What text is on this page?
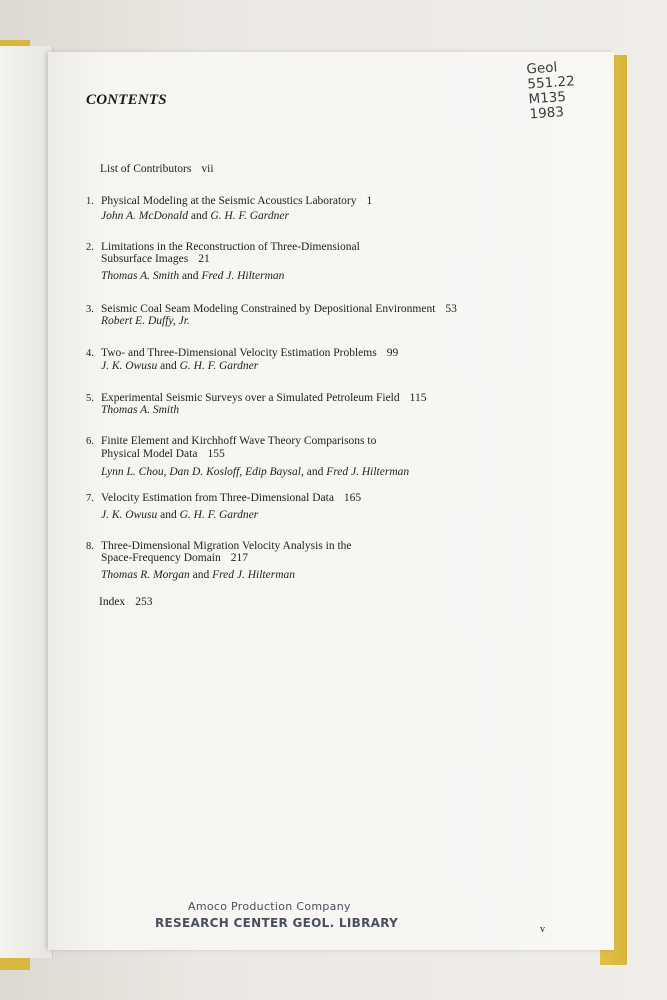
CONTENTS
Geol
551.22
M135
1983
List of Contributors vii
1. Physical Modeling at the Seismic Acoustics Laboratory 1
John A. McDonald and G. H. F. Gardner
2. Limitations in the Reconstruction of Three-Dimensional
Subsurface Images 21
Thomas A. Smith and Fred J. Hilterman
3. Seismic Coal Seam Modeling Constrained by Depositional Environment 53
Robert E. Duffy, Jr.
4. Two- and Three-Dimensional Velocity Estimation Problems 99
J. K. Owusu and G. H. F. Gardner
5. Experimental Seismic Surveys over a Simulated Petroleum Field 115
Thomas A. Smith
6. Finite Element and Kirchhoff Wave Theory Comparisons to
Physical Model Data 155
Lynn L. Chou, Dan D. Kosloff, Edip Baysal, and Fred J. Hilterman
7. Velocity Estimation from Three-Dimensional Data 165
J. K. Owusu and G. H. F. Gardner
8. Three-Dimensional Migration Velocity Analysis in the
Space-Frequency Domain 217
Thomas R. Morgan and Fred J. Hilterman
Index 253
Amoco Production Company
RESEARCH CENTER GEOL. LIBRARY	v
